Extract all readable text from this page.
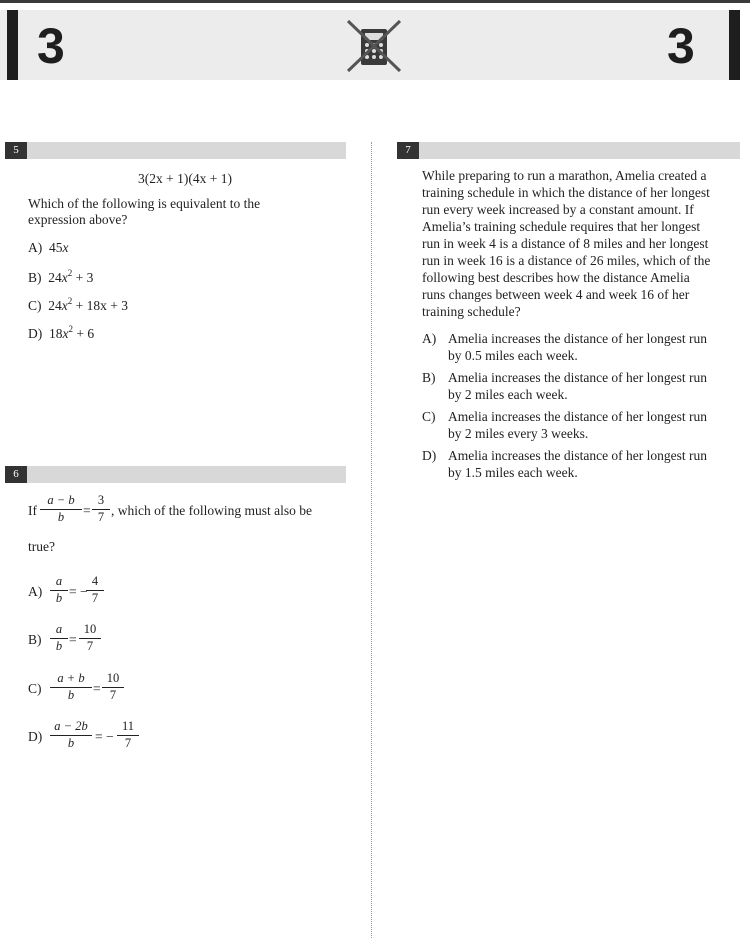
3	3
5
3(2x + 1)(4x + 1)
Which of the following is equivalent to the
expression above?
A) 45x
B) $24x^2 + 3$
C) $24x^2 + 18x + 3$
D) $18x^2 + 6$
6
If $\frac{a - b}{b} = \frac{3}{7}$ , which of the following must also be
true?
$A) \frac{a}{b}$ = −
$\frac{4}{7}$
$B) \frac{a}{b} = \frac{10}{7}$
$C) \frac{a + b}{b} = \frac{10}{7}$
$D) \frac{a - 2b}{b}$ = − $\frac{11}{7}$
7
While preparing to run a marathon, Amelia created a
training schedule in which the distance of her longest
run every week increased by a constant amount. If
Amelia’s training schedule requires that her longest
run in week 4 is a distance of 8 miles and her longest
run in week 16 is a distance of 26 miles, which of the
following best describes how the distance Amelia
runs changes between week 4 and week 16 of her
training schedule?
A) Amelia increases the distance of her longest run
by 0.5 miles each week.
B) Amelia increases the distance of her longest run
by 2 miles each week.
C) Amelia increases the distance of her longest run
by 2 miles every 3 weeks.
D) Amelia increases the distance of her longest run
by 1.5 miles each week.
